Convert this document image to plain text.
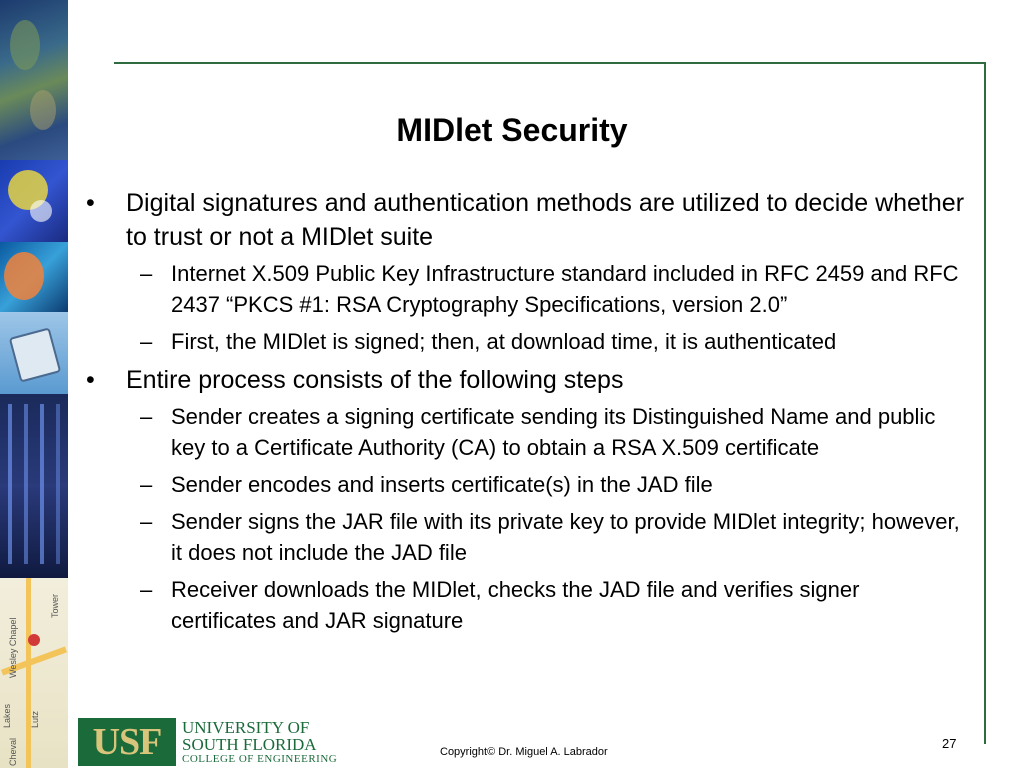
Lakes Lutz
Wesley Chapel
Cheval
Tower
MIDlet Security
• Digital signatures and authentication methods are utilized to decide whether to trust or not a MIDlet suite
– Internet X.509 Public Key Infrastructure standard included in RFC 2459 and RFC 2437 “PKCS #1: RSA Cryptography Specifications, version 2.0”
– First, the MIDlet is signed; then, at download time, it is authenticated
• Entire process consists of the following steps
– Sender creates a signing certificate sending its Distinguished Name and public key to a Certificate Authority (CA) to obtain a RSA X.509 certificate
– Sender encodes and inserts certificate(s) in the JAD file
– Sender signs the JAR file with its private key to provide MIDlet integrity; however, it does not include the JAD file
– Receiver downloads the MIDlet, checks the JAD file and verifies signer certificates and JAR signature
USF	UNIVERSITY OF
SOUTH FLORIDA
COLLEGE OF ENGINEERING
Copyright© Dr. Miguel A. Labrador
27
